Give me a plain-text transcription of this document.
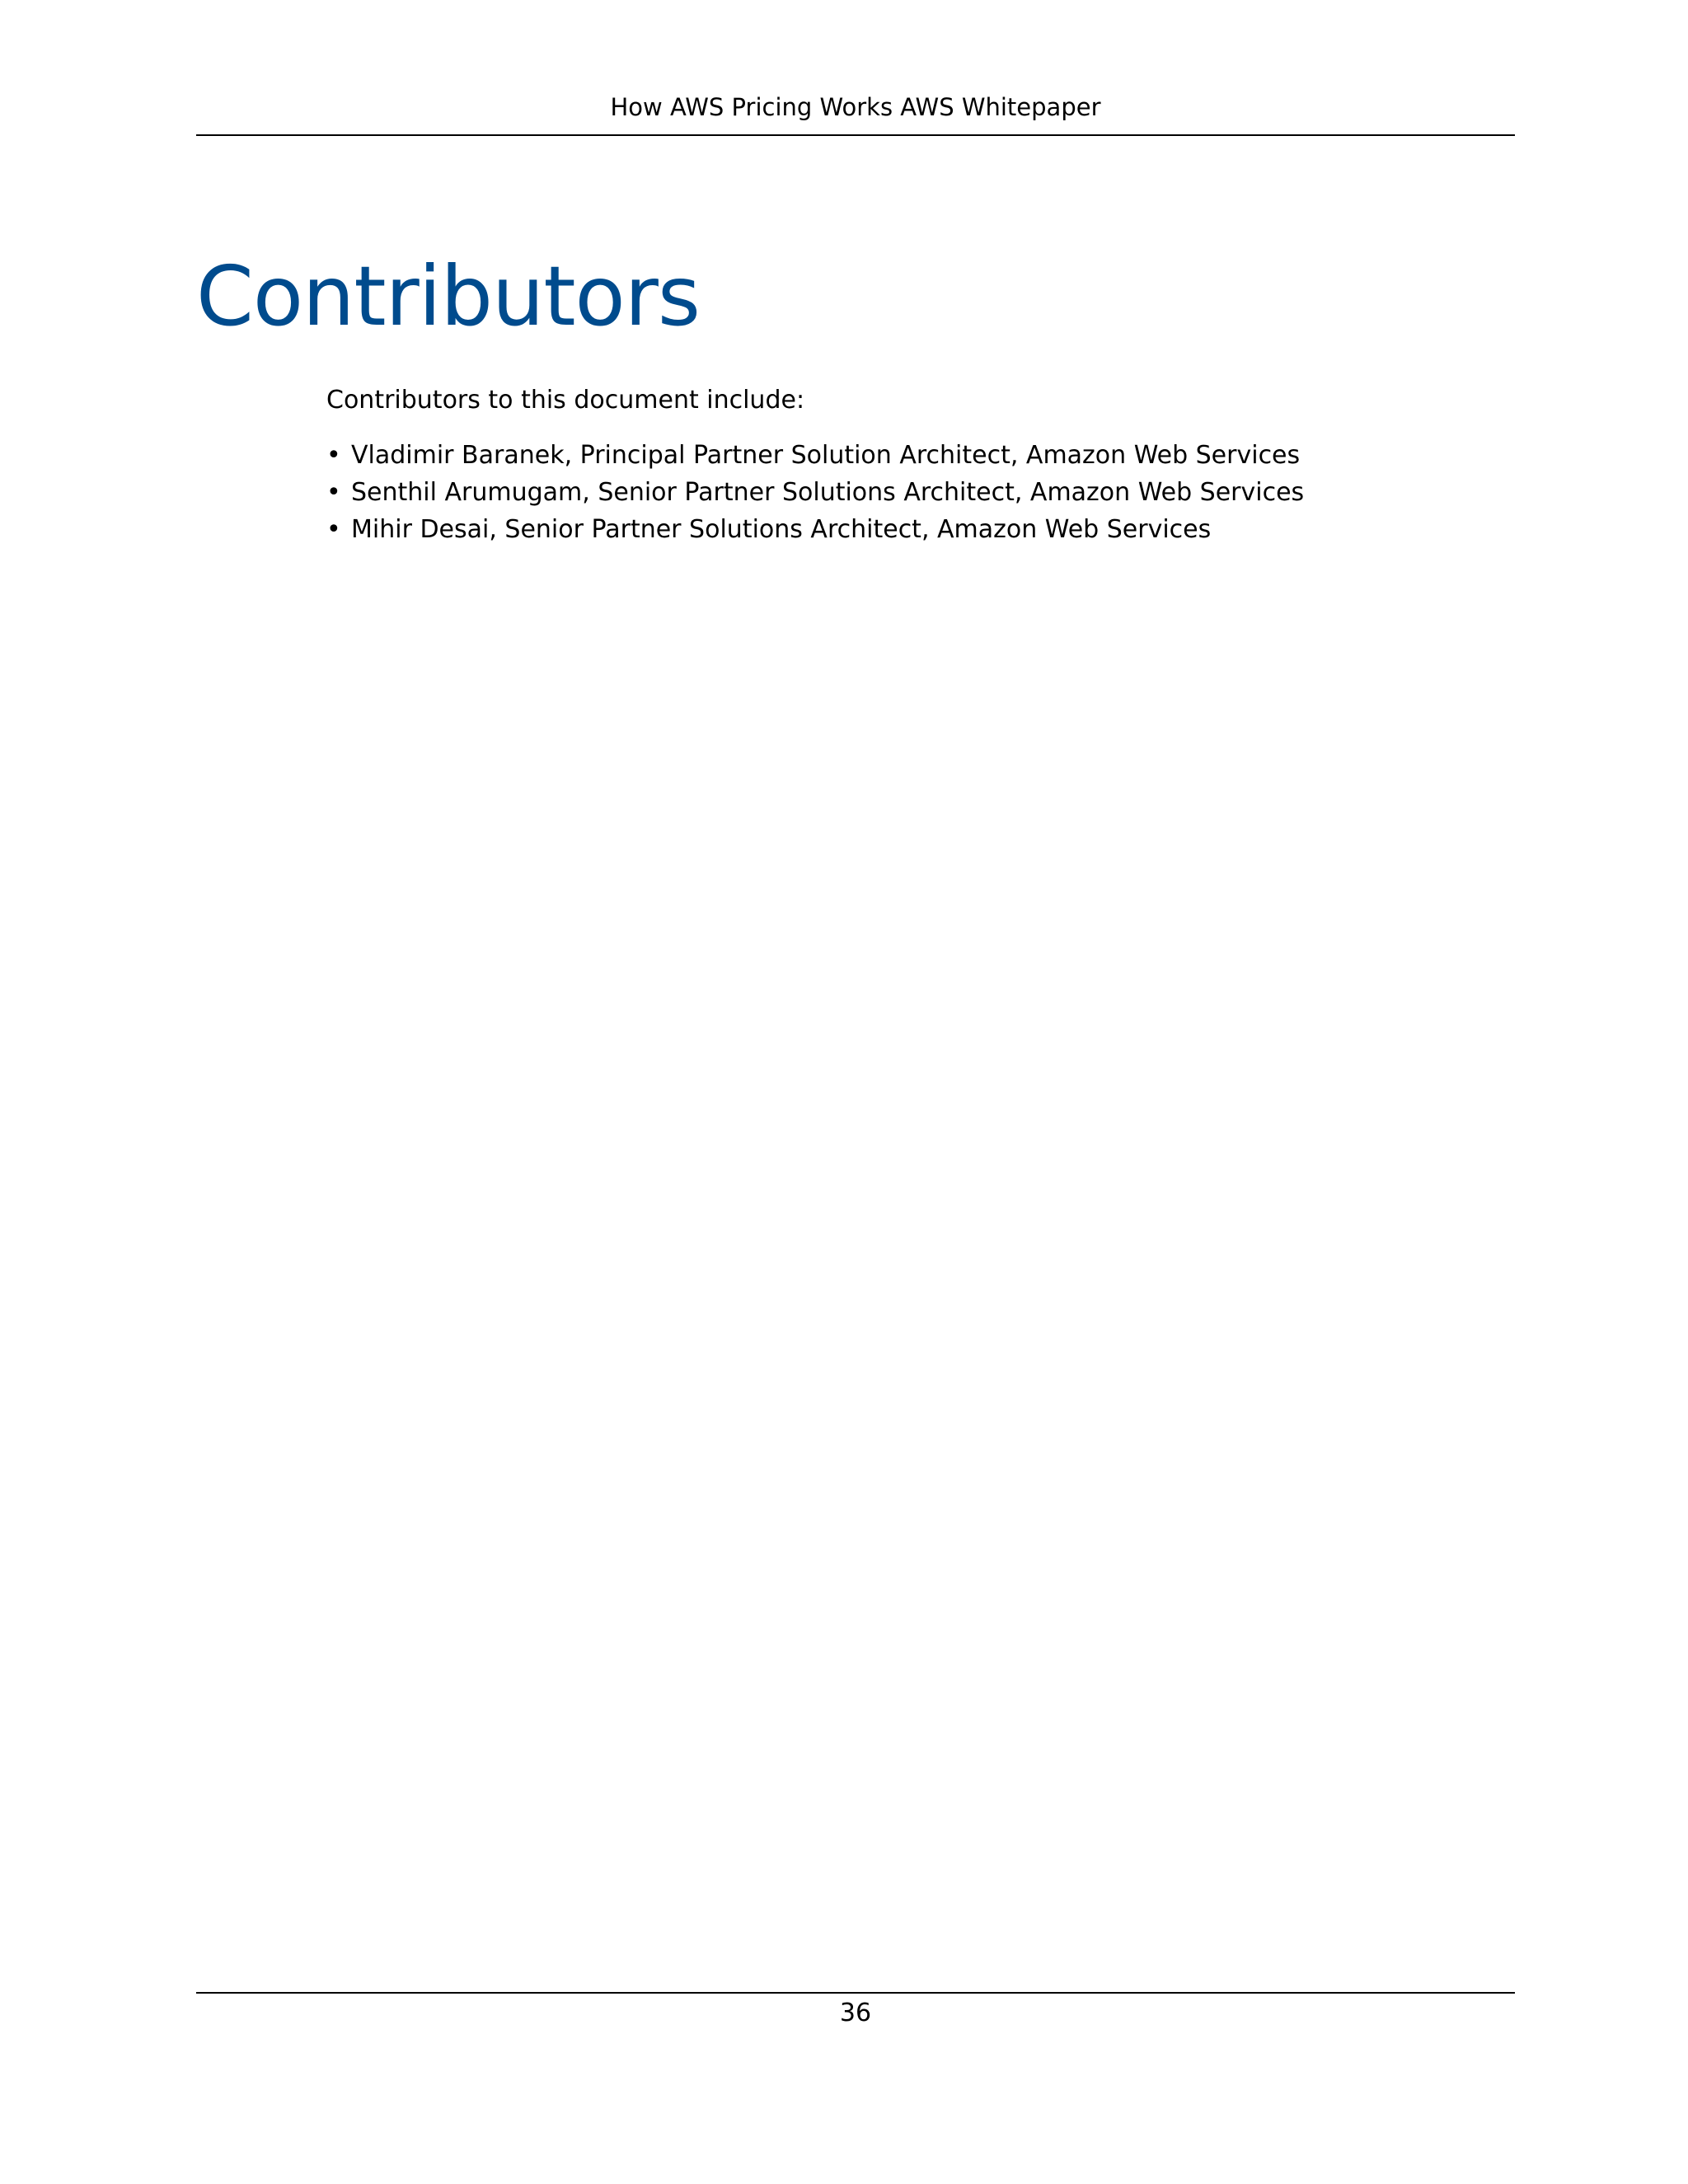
How AWS Pricing Works AWS Whitepaper
Contributors

Contributors to this document include:

• Vladimir Baranek, Principal Partner Solution Architect, Amazon Web Services
• Senthil Arumugam, Senior Partner Solutions Architect, Amazon Web Services
• Mihir Desai, Senior Partner Solutions Architect, Amazon Web Services
36
